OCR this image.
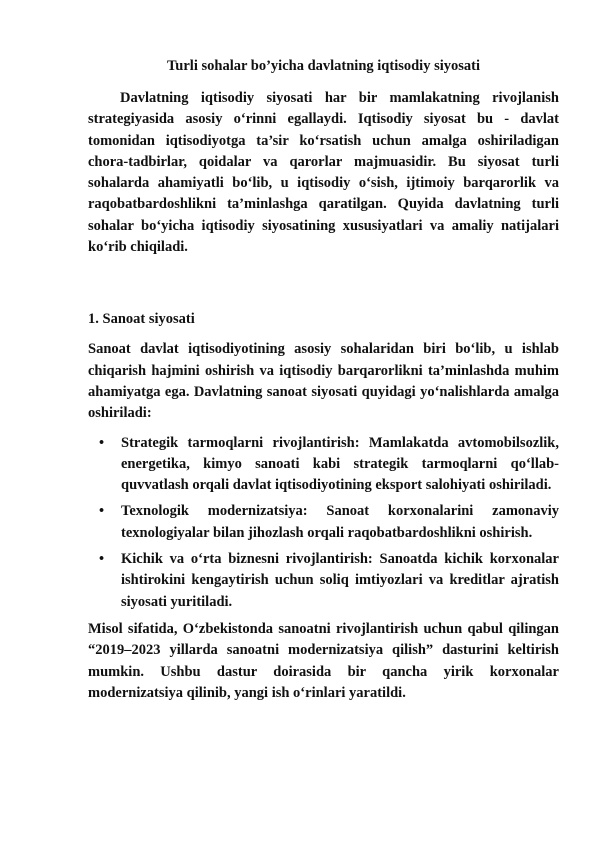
Turli sohalar bo’yicha davlatning iqtisodiy siyosati

Davlatning iqtisodiy siyosati har bir mamlakatning rivojlanish strategiyasida asosiy o‘rinni egallaydi. Iqtisodiy siyosat bu - davlat tomonidan iqtisodiyotga ta’sir ko‘rsatish uchun amalga oshiriladigan chora-tadbirlar, qoidalar va qarorlar majmuasidir. Bu siyosat turli sohalarda ahamiyatli bo‘lib, u iqtisodiy o‘sish, ijtimoiy barqarorlik va raqobatbardoshlikni ta’minlashga qaratilgan. Quyida davlatning turli sohalar bo‘yicha iqtisodiy siyosatining xususiyatlari va amaliy natijalari ko‘rib chiqiladi.

1. Sanoat siyosati

Sanoat davlat iqtisodiyotining asosiy sohalaridan biri bo‘lib, u ishlab chiqarish hajmini oshirish va iqtisodiy barqarorlikni ta’minlashda muhim ahamiyatga ega. Davlatning sanoat siyosati quyidagi yo‘nalishlarda amalga oshiriladi:

• Strategik tarmoqlarni rivojlantirish: Mamlakatda avtomobilsozlik, energetika, kimyo sanoati kabi strategik tarmoqlarni qo‘llab-quvvatlash orqali davlat iqtisodiyotining eksport salohiyati oshiriladi.
• Texnologik modernizatsiya: Sanoat korxonalarini zamonaviy texnologiyalar bilan jihozlash orqali raqobatbardoshlikni oshirish.
• Kichik va o‘rta biznesni rivojlantirish: Sanoatda kichik korxonalar ishtirokini kengaytirish uchun soliq imtiyozlari va kreditlar ajratish siyosati yuritiladi.

Misol sifatida, O‘zbekistonda sanoatni rivojlantirish uchun qabul qilingan “2019–2023 yillarda sanoatni modernizatsiya qilish” dasturini keltirish mumkin. Ushbu dastur doirasida bir qancha yirik korxonalar modernizatsiya qilinib, yangi ish o‘rinlari yaratildi.
